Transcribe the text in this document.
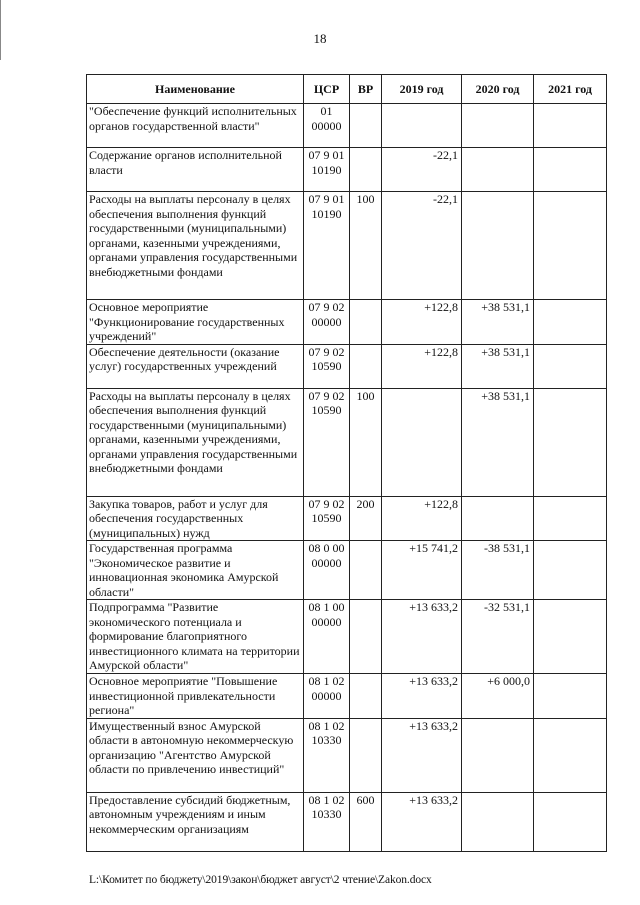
18
Наименование	ЦСР	ВР	2019 год	2020 год	2021 год
"Обеспечение функций исполнительных органов государственной власти"	01 00000				
Содержание органов исполнительной власти	07 9 01 10190		-22,1		
Расходы на выплаты персоналу в целях обеспечения выполнения функций государственными (муниципальными) органами, казенными учреждениями, органами управления государственными внебюджетными фондами	07 9 01 10190	100	-22,1		
Основное мероприятие "Функционирование государственных учреждений"	07 9 02 00000		+122,8	+38 531,1	
Обеспечение деятельности (оказание услуг) государственных учреждений	07 9 02 10590		+122,8	+38 531,1	
Расходы на выплаты персоналу в целях обеспечения выполнения функций государственными (муниципальными) органами, казенными учреждениями, органами управления государственными внебюджетными фондами	07 9 02 10590	100		+38 531,1	
Закупка товаров, работ и услуг для обеспечения государственных (муниципальных) нужд	07 9 02 10590	200	+122,8		
Государственная программа "Экономическое развитие и инновационная экономика Амурской области"	08 0 00 00000		+15 741,2	-38 531,1	
Подпрограмма "Развитие экономического потенциала и формирование благоприятного инвестиционного климата на территории Амурской области"	08 1 00 00000		+13 633,2	-32 531,1	
Основное мероприятие "Повышение инвестиционной привлекательности региона"	08 1 02 00000		+13 633,2	+6 000,0	
Имущественный взнос Амурской области в автономную некоммерческую организацию "Агентство Амурской области по привлечению инвестиций"	08 1 02 10330		+13 633,2		
Предоставление субсидий бюджетным, автономным учреждениям и иным некоммерческим организациям	08 1 02 10330	600	+13 633,2		
L:\Комитет по бюджету\2019\закон\бюджет август\2 чтение\Zakon.docx
